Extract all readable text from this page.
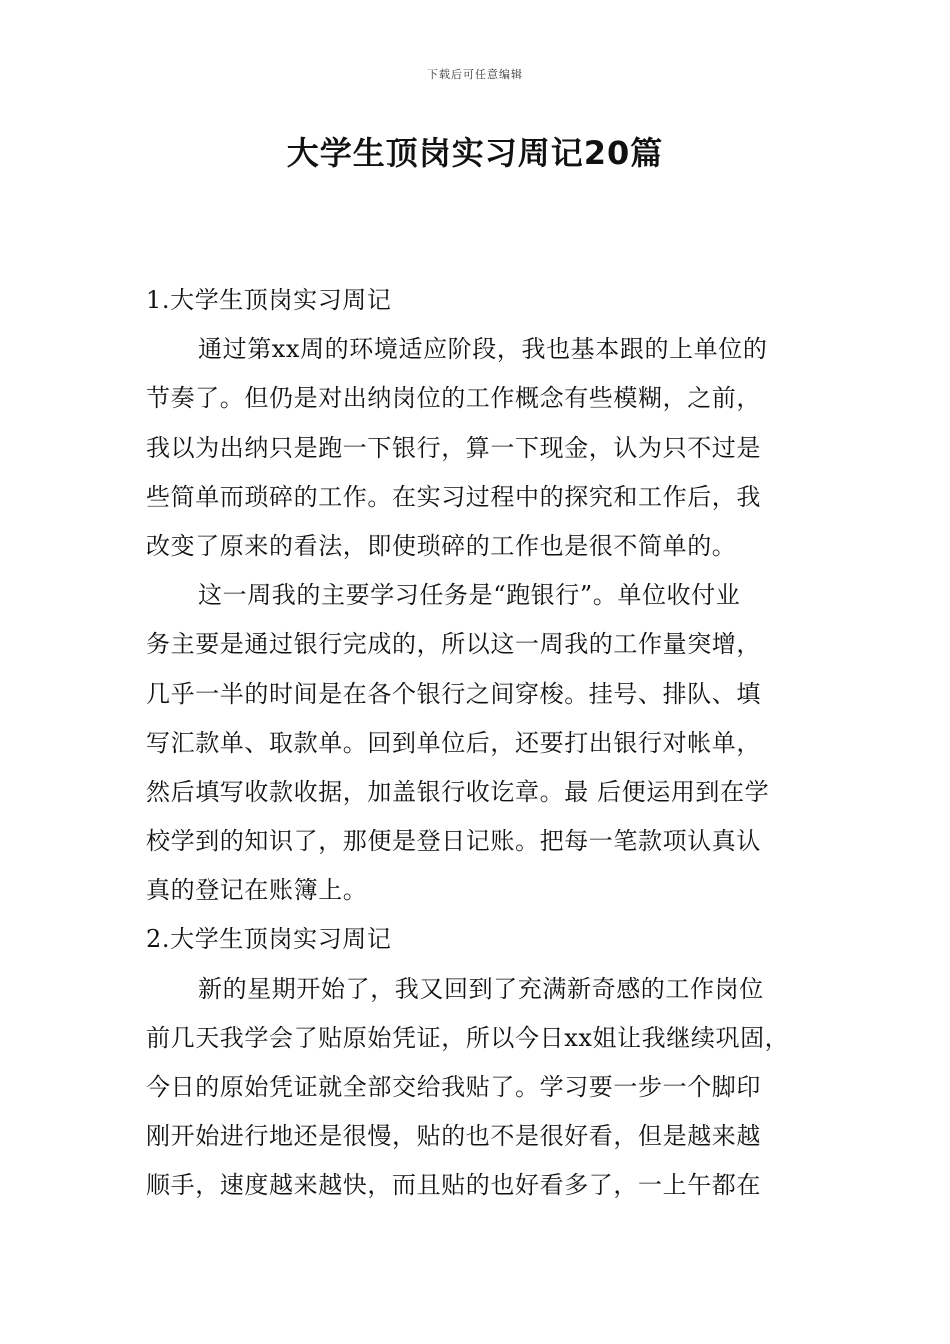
下载后可任意编辑
大学生顶岗实习周记20篇
1.大学生顶岗实习周记
通过第xx周的环境适应阶段，我也基本跟的上单位的
节奏了。但仍是对出纳岗位的工作概念有些模糊，之前，
我以为出纳只是跑一下银行，算一下现金，认为只不过是
些简单而琐碎的工作。在实习过程中的探究和工作后，我
改变了原来的看法，即使琐碎的工作也是很不简单的。
这一周我的主要学习任务是“跑银行”。单位收付业
务主要是通过银行完成的，所以这一周我的工作量突增，
几乎一半的时间是在各个银行之间穿梭。挂号、排队、填
写汇款单、取款单。回到单位后，还要打出银行对帐单，
然后填写收款收据，加盖银行收讫章。最 后便运用到在学
校学到的知识了，那便是登日记账。把每一笔款项认真认
真的登记在账簿上。
2.大学生顶岗实习周记
新的星期开始了，我又回到了充满新奇感的工作岗位
前几天我学会了贴原始凭证，所以今日xx姐让我继续巩固，
今日的原始凭证就全部交给我贴了。学习要一步一个脚印
刚开始进行地还是很慢，贴的也不是很好看，但是越来越
顺手，速度越来越快，而且贴的也好看多了，一上午都在
